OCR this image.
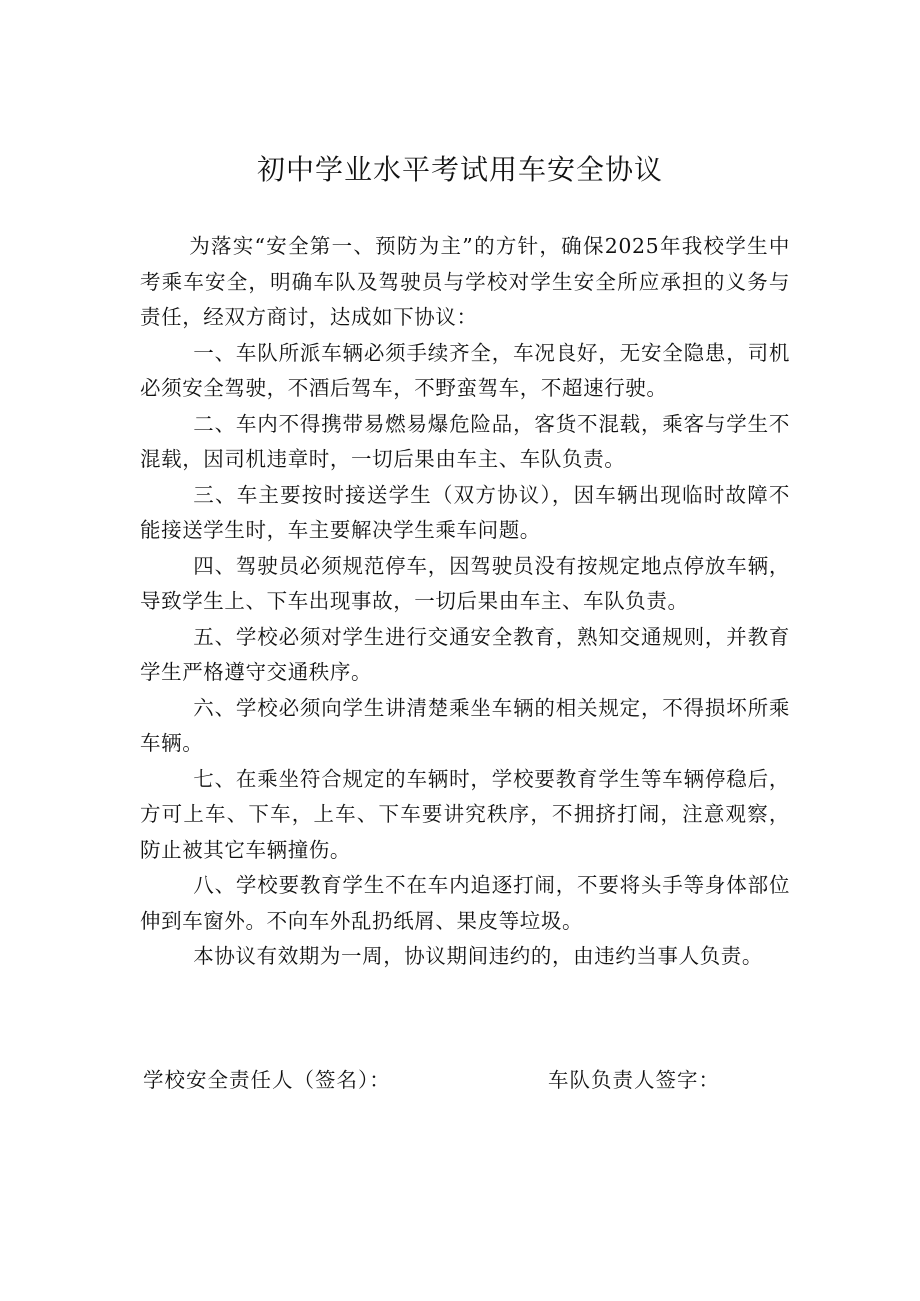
初中学业水平考试用车安全协议

为落实“安全第一、预防为主”的方针，确保2025年我校学生中考乘车安全，明确车队及驾驶员与学校对学生安全所应承担的义务与责任，经双方商讨，达成如下协议：

一、车队所派车辆必须手续齐全，车况良好，无安全隐患，司机必须安全驾驶，不酒后驾车，不野蛮驾车，不超速行驶。

二、车内不得携带易燃易爆危险品，客货不混载，乘客与学生不混载，因司机违章时，一切后果由车主、车队负责。

三、车主要按时接送学生（双方协议），因车辆出现临时故障不能接送学生时，车主要解决学生乘车问题。

四、驾驶员必须规范停车，因驾驶员没有按规定地点停放车辆，导致学生上、下车出现事故，一切后果由车主、车队负责。

五、学校必须对学生进行交通安全教育，熟知交通规则，并教育学生严格遵守交通秩序。

六、学校必须向学生讲清楚乘坐车辆的相关规定，不得损坏所乘车辆。

七、在乘坐符合规定的车辆时，学校要教育学生等车辆停稳后，方可上车、下车，上车、下车要讲究秩序，不拥挤打闹，注意观察，防止被其它车辆撞伤。

八、学校要教育学生不在车内追逐打闹，不要将头手等身体部位伸到车窗外。不向车外乱扔纸屑、果皮等垃圾。

本协议有效期为一周，协议期间违约的，由违约当事人负责。

学校安全责任人（签名）：	车队负责人签字：
